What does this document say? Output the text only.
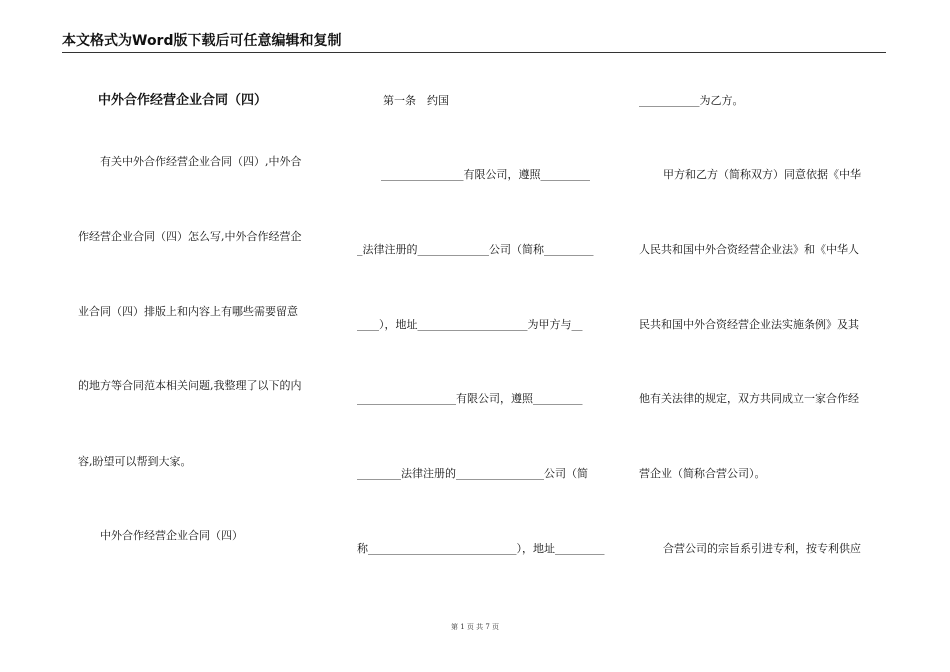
本文格式为Word版下载后可任意编辑和复制
中外合作经营企业合同（四）
有关中外合作经营企业合同（四）,中外合
作经营企业合同（四）怎么写,中外合作经营企
业合同（四）排版上和内容上有哪些需要留意
的地方等合同范本相关问题,我整理了以下的内
容,盼望可以帮到大家。
中外合作经营企业合同（四）
第一条　约国
_______________有限公司，遵照_________
_法律注册的_____________公司（简称_________
____），地址____________________为甲方与__
__________________有限公司，遵照_________
________法律注册的________________公司（简
称___________________________），地址_________
___________为乙方。
甲方和乙方（简称双方）同意依据《中华
人民共和国中外合资经营企业法》和《中华人
民共和国中外合资经营企业法实施条例》及其
他有关法律的规定，双方共同成立一家合作经
营企业（简称合营公司）。
合营公司的宗旨系引进专利，按专利供应
第 1 页 共 7 页
